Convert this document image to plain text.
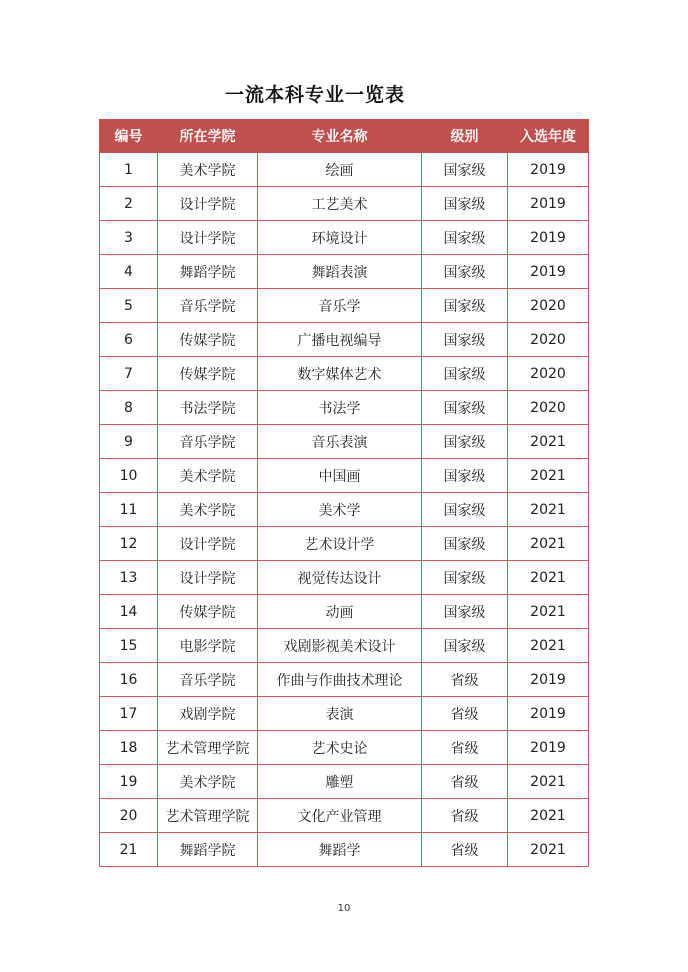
一流本科专业一览表
编号	所在学院	专业名称	级别	入选年度
1	美术学院	绘画	国家级	2019
2	设计学院	工艺美术	国家级	2019
3	设计学院	环境设计	国家级	2019
4	舞蹈学院	舞蹈表演	国家级	2019
5	音乐学院	音乐学	国家级	2020
6	传媒学院	广播电视编导	国家级	2020
7	传媒学院	数字媒体艺术	国家级	2020
8	书法学院	书法学	国家级	2020
9	音乐学院	音乐表演	国家级	2021
10	美术学院	中国画	国家级	2021
11	美术学院	美术学	国家级	2021
12	设计学院	艺术设计学	国家级	2021
13	设计学院	视觉传达设计	国家级	2021
14	传媒学院	动画	国家级	2021
15	电影学院	戏剧影视美术设计	国家级	2021
16	音乐学院	作曲与作曲技术理论	省级	2019
17	戏剧学院	表演	省级	2019
18	艺术管理学院	艺术史论	省级	2019
19	美术学院	雕塑	省级	2021
20	艺术管理学院	文化产业管理	省级	2021
21	舞蹈学院	舞蹈学	省级	2021
10
